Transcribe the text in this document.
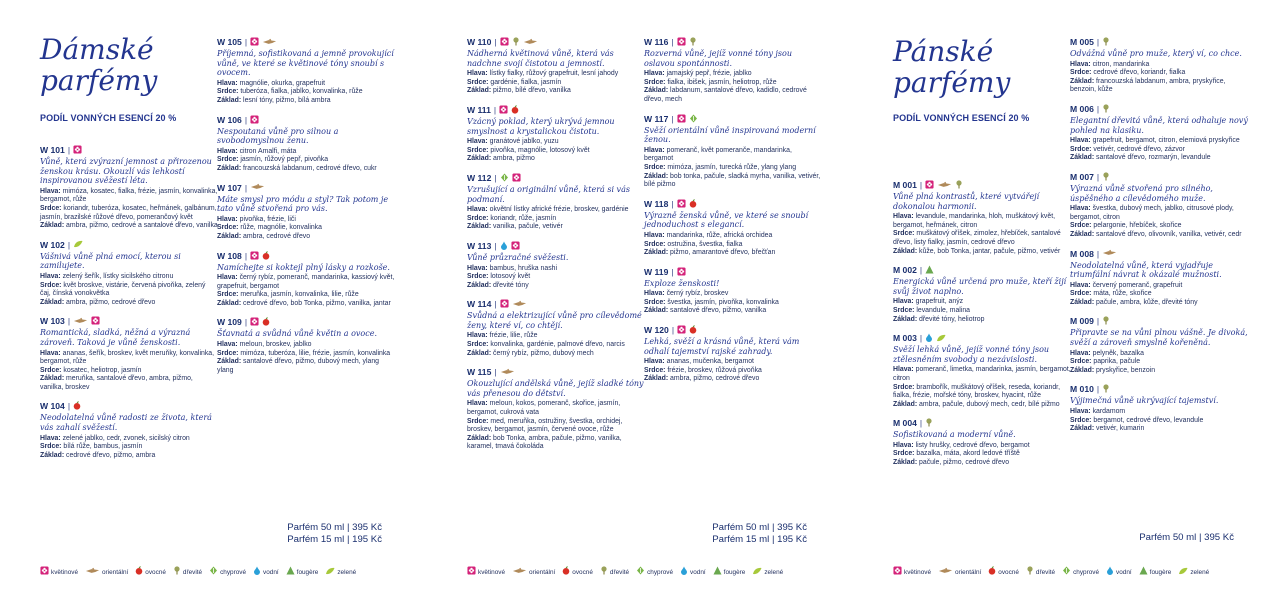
Dámské
parfémy
PODÍL VONNÝCH ESENCÍ 20 %
W 101 |
Vůně, která zvýrazní jemnost a přirozenou ženskou krásu. Okouzlí vás lehkostí inspirovanou svěžestí léta.
Hlava: mimóza, kosatec, fialka, frézie, jasmín, konvalinka, bergamot, růže
Srdce: koriandr, tuberóza, kosatec, heřmánek, galbánum, jasmín, brazilské růžové dřevo, pomerančový květ
Základ: ambra, pižmo, cedrové a santalové dřevo, vanilka
W 102 |
Vášnivá vůně plná emocí, kterou si zamilujete.
Hlava: zelený šeřík, lístky sicilského citronu
Srdce: květ broskve, vistárie, červená pivoňka, zelený čaj, čínská vonokvětka
Základ: ambra, pižmo, cedrové dřevo
W 103 |
Romantická, sladká, něžná a výrazná zároveň. Taková je vůně ženskosti.
Hlava: ananas, šeřík, broskev, květ meruňky, konvalinka, bergamot, růže
Srdce: kosatec, heliotrop, jasmín
Základ: meruňka, santalové dřevo, ambra, pižmo, vanilka, broskev
W 104 |
Neodolatelná vůně radosti ze života, která vás zahalí svěžestí.
Hlava: zelené jablko, cedr, zvonek, sicilský citron
Srdce: bílá růže, bambus, jasmín
Základ: cedrové dřevo, pižmo, ambra
W 105 |
Příjemná, sofistikovaná a jemně provokující vůně, ve které se květinové tóny snoubí s ovocem.
Hlava: magnólie, okurka, grapefruit
Srdce: tuberóza, fialka, jablko, konvalinka, růže
Základ: lesní tóny, pižmo, bílá ambra
W 106 |
Nespoutaná vůně pro silnou a svobodomyslnou ženu.
Hlava: citron Amalfi, máta
Srdce: jasmín, růžový pepř, pivoňka
Základ: francouzská labdanum, cedrové dřevo, cukr
W 107 |
Máte smysl pro módu a styl? Tak potom je tato vůně stvořená pro vás.
Hlava: pivoňka, frézie, liči
Srdce: růže, magnólie, konvalinka
Základ: ambra, cedrové dřevo
W 108 |
Namíchejte si koktejl plný lásky a rozkoše.
Hlava: černý rybíz, pomeranč, mandarinka, kassiový květ, grapefruit, bergamot
Srdce: meruňka, jasmín, konvalinka, lilie, růže
Základ: cedrové dřevo, bob Tonka, pižmo, vanilka, jantar
W 109 |
Šťavnatá a svůdná vůně květin a ovoce.
Hlava: meloun, broskev, jablko
Srdce: mimóza, tuberóza, lilie, frézie, jasmín, konvalinka
Základ: santalové dřevo, pižmo, dubový mech, ylang ylang
Parfém 50 ml | 395 Kč
Parfém 15 ml | 195 Kč
květinové	orientální	ovocné	dřevité	chyprové	vodní	fougère	zelené
W 110 |
Nádherná květinová vůně, která vás nadchne svojí čistotou a jemností.
Hlava: lístky fialky, růžový grapefruit, lesní jahody
Srdce: gardénie, fialka, jasmín
Základ: pižmo, bílé dřevo, vanilka
W 111 |
Vzácný poklad, který ukrývá jemnou smyslnost a krystalickou čistotu.
Hlava: granátové jablko, yuzu
Srdce: pivoňka, magnólie, lotosový květ
Základ: ambra, pižmo
W 112 |
Vzrušující a originální vůně, která si vás podmaní.
Hlava: okvětní lístky africké frézie, broskev, gardénie
Srdce: koriandr, růže, jasmín
Základ: vanilka, pačule, vetivér
W 113 |
Vůně průzračné svěžesti.
Hlava: bambus, hruška nashi
Srdce: lotosový květ
Základ: dřevité tóny
W 114 |
Svůdná a elektrizující vůně pro cílevědomé ženy, které ví, co chtějí.
Hlava: frézie, lilie, růže
Srdce: konvalinka, gardénie, palmové dřevo, narcis
Základ: černý rybíz, pižmo, dubový mech
W 115 |
Okouzlující andělská vůně, jejíž sladké tóny vás přenesou do dětství.
Hlava: meloun, kokos, pomeranč, skořice, jasmín, bergamot, cukrová vata
Srdce: med, meruňka, ostružiny, švestka, orchidej, broskev, bergamot, jasmín, červené ovoce, růže
Základ: bob Tonka, ambra, pačule, pižmo, vanilka, karamel, tmavá čokoláda
W 116 |
Rozverná vůně, jejíž vonné tóny jsou oslavou spontánnosti.
Hlava: jamajský pepř, frézie, jablko
Srdce: fialka, ibišek, jasmín, heliotrop, růže
Základ: labdanum, santalové dřevo, kadidlo, cedrové dřevo, mech
W 117 |
Svěží orientální vůně inspirovaná moderní ženou.
Hlava: pomeranč, květ pomeranče, mandarinka, bergamot
Srdce: mimóza, jasmín, turecká růže, ylang ylang
Základ: bob tonka, pačule, sladká myrha, vanilka, vetivér, bílé pižmo
W 118 |
Výrazně ženská vůně, ve které se snoubí jednoduchost s elegancí.
Hlava: mandarinka, růže, africká orchidea
Srdce: ostružina, švestka, fialka
Základ: pižmo, amarantové dřevo, břečťan
W 119 |
Exploze ženskosti!
Hlava: černý rybíz, broskev
Srdce: švestka, jasmín, pivoňka, konvalinka
Základ: santalové dřevo, pižmo, vanilka
W 120 |
Lehká, svěží a krásná vůně, která vám odhalí tajemství rajské zahrady.
Hlava: ananas, mučenka, bergamot
Srdce: frézie, broskev, růžová pivoňka
Základ: ambra, pižmo, cedrové dřevo
Parfém 50 ml | 395 Kč
Parfém 15 ml | 195 Kč
květinové	orientální	ovocné	dřevité	chyprové	vodní	fougère	zelené
Pánské
parfémy
PODÍL VONNÝCH ESENCÍ 20 %
M 001 |
Vůně plná kontrastů, které vytvářejí dokonalou harmonii.
Hlava: levandule, mandarinka, hloh, muškátový květ, bergamot, heřmánek, citron
Srdce: muškátový oříšek, zimolez, hřebíček, santalové dřevo, listy fialky, jasmín, cedrové dřevo
Základ: kůže, bob Tonka, jantar, pačule, pižmo, vetivér
M 002 |
Energická vůně určená pro muže, kteří žijí svůj život naplno.
Hlava: grapefruit, anýz
Srdce: levandule, malina
Základ: dřevité tóny, heliotrop
M 003 |
Svěží lehká vůně, jejíž vonné tóny jsou ztělesněním svobody a nezávislosti.
Hlava: pomeranč, limetka, mandarinka, jasmín, bergamot, citron
Srdce: brambořík, muškátový oříšek, reseda, koriandr, fialka, frézie, mořské tóny, broskev, hyacint, růže
Základ: ambra, pačule, dubový mech, cedr, bílé pižmo
M 004 |
Sofistikovaná a moderní vůně.
Hlava: listy hrušky, cedrové dřevo, bergamot
Srdce: bazalka, máta, akord ledové tříště
Základ: pačule, pižmo, cedrové dřevo
M 005 |
Odvážná vůně pro muže, který ví, co chce.
Hlava: citron, mandarinka
Srdce: cedrové dřevo, koriandr, fialka
Základ: francouzská labdanum, ambra, pryskyřice, benzoin, kůže
M 006 |
Elegantní dřevitá vůně, která odhaluje nový pohled na klasiku.
Hlava: grapefruit, bergamot, citron, elemiová pryskyřice
Srdce: vetivér, cedrové dřevo, zázvor
Základ: santalové dřevo, rozmarýn, levandule
M 007 |
Výrazná vůně stvořená pro silného, úspěšného a cílevědomého muže.
Hlava: švestka, dubový mech, jablko, citrusové plody, bergamot, citron
Srdce: pelargonie, hřebíček, skořice
Základ: santalové dřevo, olivovník, vanilka, vetivér, cedr
M 008 |
Neodolatelná vůně, která vyjadřuje triumfální návrat k okázalé mužnosti.
Hlava: červený pomeranč, grapefruit
Srdce: máta, růže, skořice
Základ: pačule, ambra, kůže, dřevité tóny
M 009 |
Připravte se na vůni plnou vášně. Je divoká, svěží a zároveň smyslně kořeněná.
Hlava: pelyněk, bazalka
Srdce: paprika, pačule
Základ: pryskyřice, benzoin
M 010 |
Výjimečná vůně ukrývající tajemství.
Hlava: kardamom
Srdce: bergamot, cedrové dřevo, levandule
Základ: vetivér, kumarin
Parfém 50 ml | 395 Kč
květinové	orientální	ovocné	dřevité	chyprové	vodní	fougère	zelené
